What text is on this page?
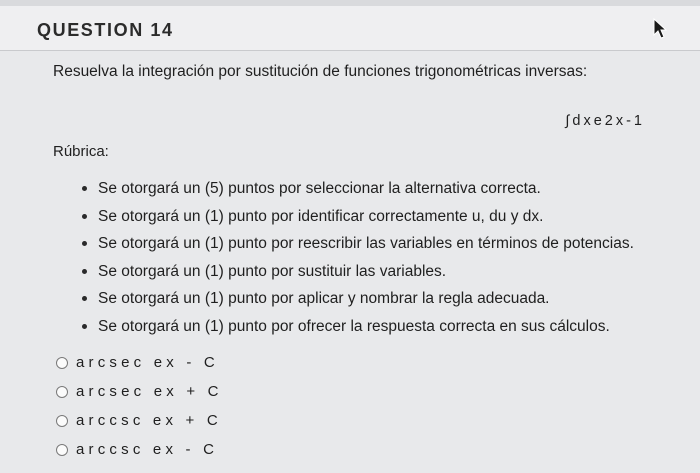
QUESTION 14
Resuelva la integración por sustitución de funciones trigonométricas inversas:
∫dxe2x-1
Rúbrica:
Se otorgará un (5) puntos por seleccionar la alternativa correcta.
Se otorgará un (1) punto por identificar correctamente u, du y dx.
Se otorgará un (1) punto por reescribir las variables en términos de potencias.
Se otorgará un (1) punto por sustituir las variables.
Se otorgará un (1) punto por aplicar y nombrar la regla adecuada.
Se otorgará un (1) punto por ofrecer la respuesta correcta en sus cálculos.
arcsec ex - C
arcsec ex + C
arccsc ex + C
arccsc ex - C
